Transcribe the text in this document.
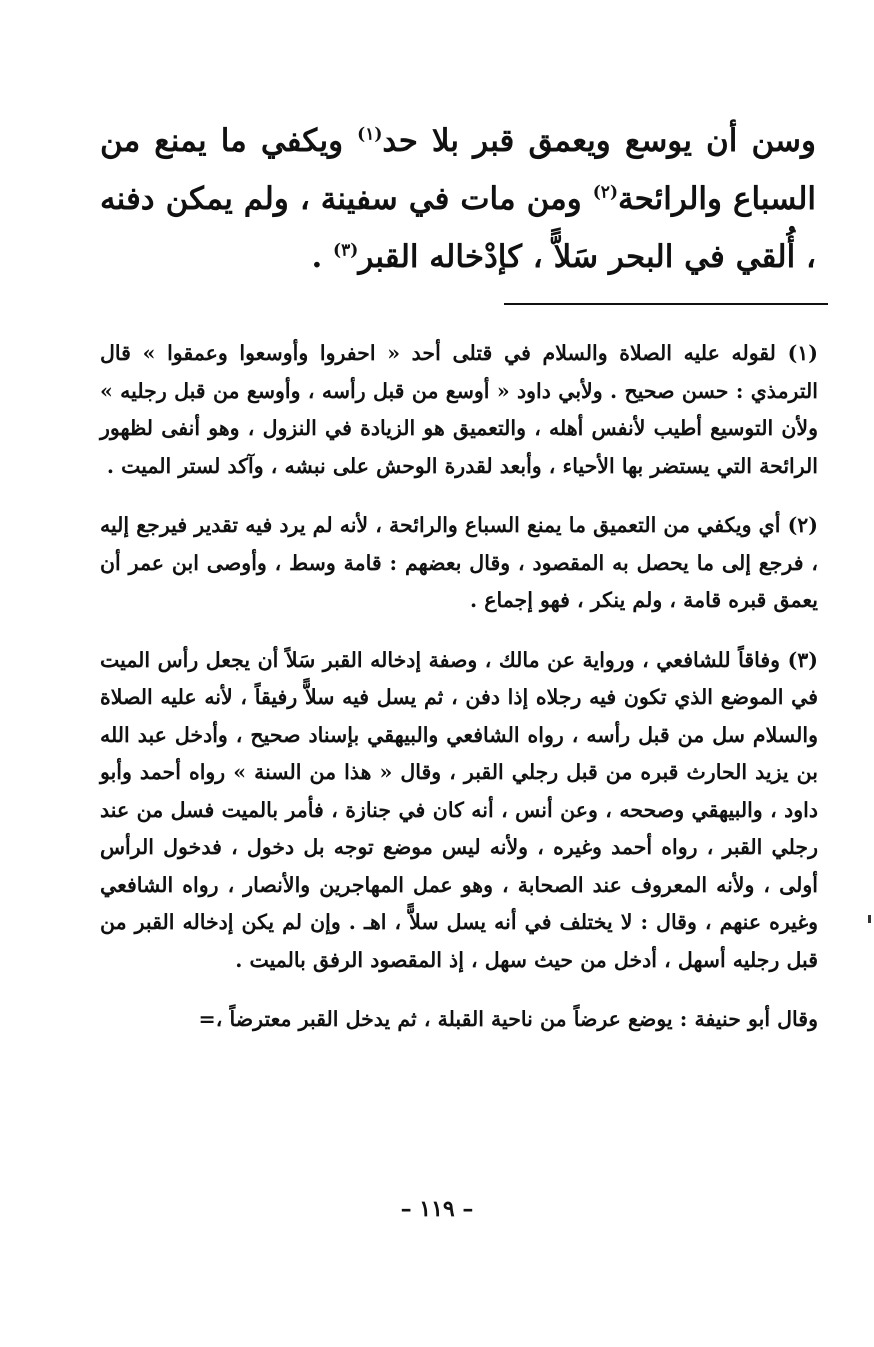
وسن أن يوسع ويعمق قبر بلا حد$^{(١)}$ ويكفي ما يمنع من السباع والرائحة$^{(٢)}$ ومن مات في سفينة ، ولم يمكن دفنه ، أُلقي في البحر سَلاًّ ، كإدْخاله القبر$^{(٣)}$ .

(١) لقوله عليه الصلاة والسلام في قتلى أحد « احفروا وأوسعوا وعمقوا » قال الترمذي : حسن صحيح . ولأبي داود « أوسع من قبل رأسه ، وأوسع من قبل رجليه » ولأن التوسيع أطيب لأنفس أهله ، والتعميق هو الزيادة في النزول ، وهو أنفى لظهور الرائحة التي يستضر بها الأحياء ، وأبعد لقدرة الوحش على نبشه ، وآكد لستر الميت .

(٢) أي ويكفي من التعميق ما يمنع السباع والرائحة ، لأنه لم يرد فيه تقدير فيرجع إليه ، فرجع إلى ما يحصل به المقصود ، وقال بعضهم : قامة وسط ، وأوصى ابن عمر أن يعمق قبره قامة ، ولم ينكر ، فهو إجماع .

(٣) وفاقاً للشافعي ، ورواية عن مالك ، وصفة إدخاله القبر سَلاً أن يجعل رأس الميت في الموضع الذي تكون فيه رجلاه إذا دفن ، ثم يسل فيه سلاًّ رفيقاً ، لأنه عليه الصلاة والسلام سل من قبل رأسه ، رواه الشافعي والبيهقي بإسناد صحيح ، وأدخل عبد الله بن يزيد الحارث قبره من قبل رجلي القبر ، وقال « هذا من السنة » رواه أحمد وأبو داود ، والبيهقي وصححه ، وعن أنس ، أنه كان في جنازة ، فأمر بالميت فسل من عند رجلي القبر ، رواه أحمد وغيره ، ولأنه ليس موضع توجه بل دخول ، فدخول الرأس أولى ، ولأنه المعروف عند الصحابة ، وهو عمل المهاجرين والأنصار ، رواه الشافعي وغيره عنهم ، وقال : لا يختلف في أنه يسل سلاًّ ، اهـ . وإن لم يكن إدخاله القبر من قبل رجليه أسهل ، أدخل من حيث سهل ، إذ المقصود الرفق بالميت .

وقال أبو حنيفة : يوضع عرضاً من ناحية القبلة ، ثم يدخل القبر معترضاً ،=

– ١١٩ –
